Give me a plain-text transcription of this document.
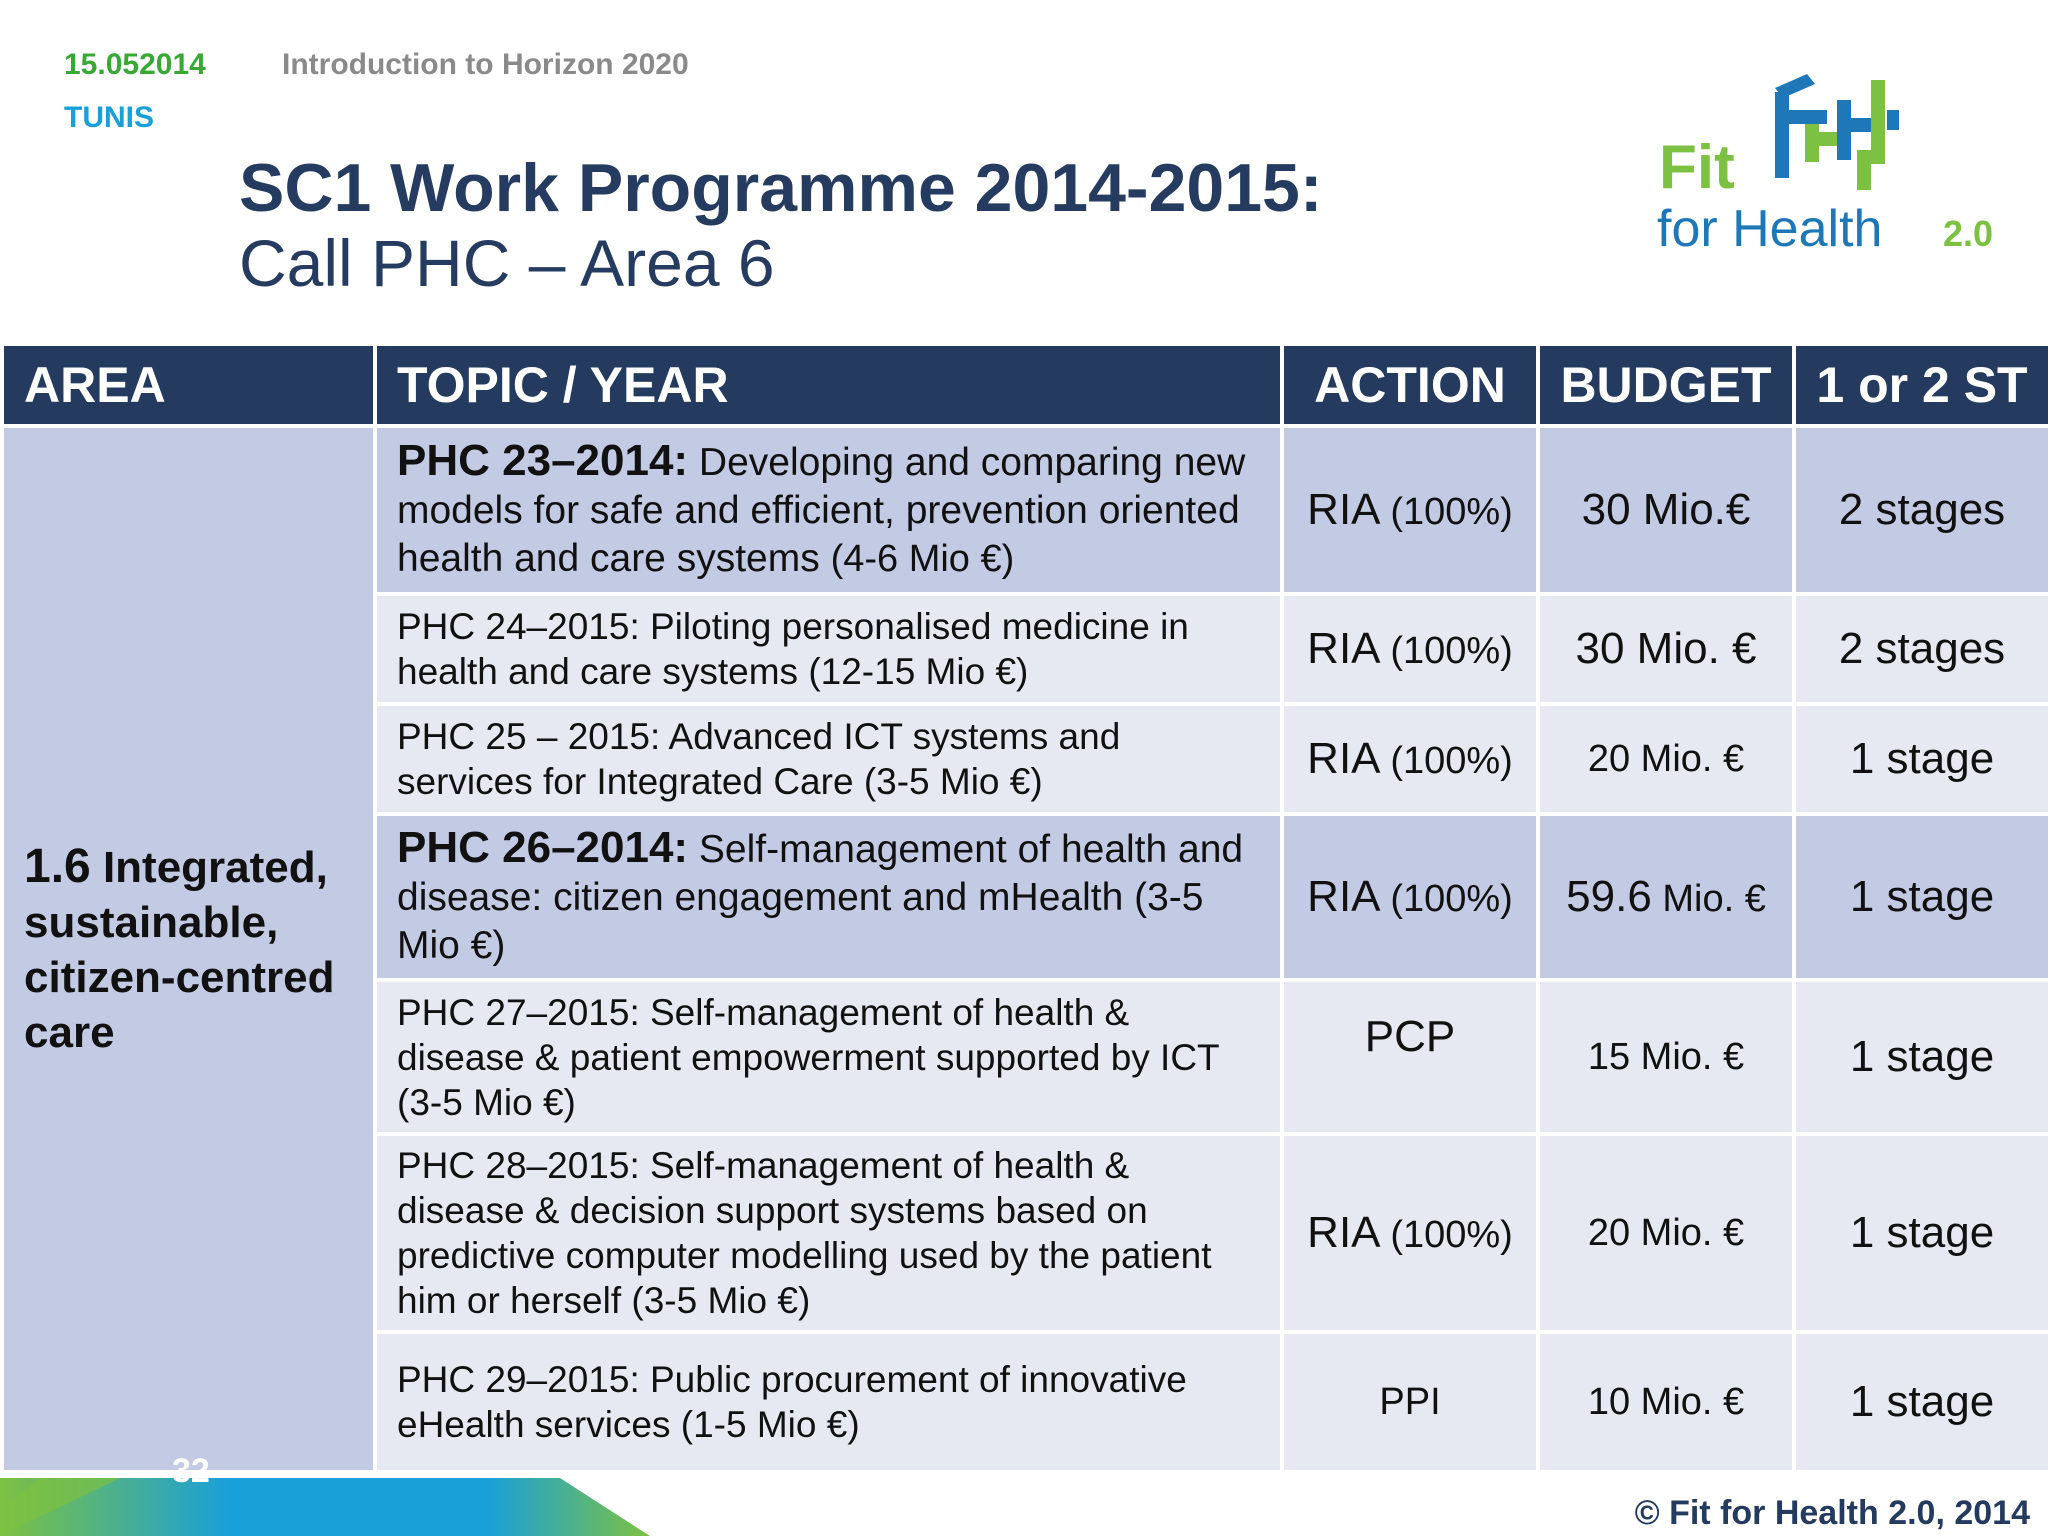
15.052014
TUNIS
Introduction to Horizon 2020
SC1 Work Programme 2014-2015:
Call PHC – Area 6
Fit
for Health 2.0
AREA	TOPIC / YEAR	ACTION	BUDGET	1 or 2 ST
1.6 Integrated, sustainable, citizen-centred care	PHC 23–2014: Developing and comparing new models for safe and efficient, prevention oriented health and care systems (4-6 Mio €)	RIA (100%)	30 Mio.€	2 stages
	PHC 24–2015: Piloting personalised medicine in health and care systems (12-15 Mio €)	RIA (100%)	30 Mio. €	2 stages
	PHC 25 – 2015: Advanced ICT systems and services for Integrated Care (3-5 Mio €)	RIA (100%)	20 Mio. €	1 stage
	PHC 26–2014: Self-management of health and disease: citizen engagement and mHealth (3-5 Mio €)	RIA (100%)	59.6 Mio. €	1 stage
	PHC 27–2015: Self-management of health & disease & patient empowerment supported by ICT (3-5 Mio €)	PCP	15 Mio. €	1 stage
	PHC 28–2015: Self-management of health & disease & decision support systems based on predictive computer modelling used by the patient him or herself (3-5 Mio €)	RIA (100%)	20 Mio. €	1 stage
	PHC 29–2015: Public procurement of innovative eHealth services (1-5 Mio €)	PPI	10 Mio. €	1 stage
32
© Fit for Health 2.0, 2014
